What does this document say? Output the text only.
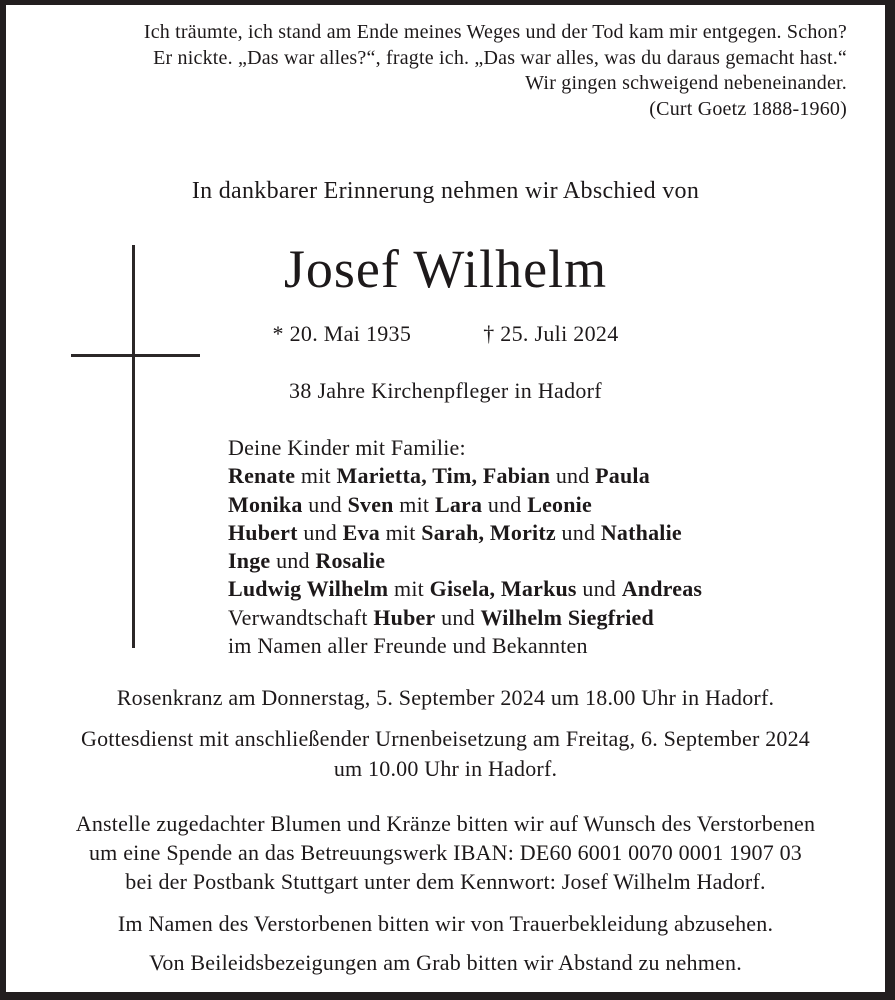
Ich träumte, ich stand am Ende meines Weges und der Tod kam mir entgegen. Schon?
Er nickte. „Das war alles?“, fragte ich. „Das war alles, was du daraus gemacht hast.“
Wir gingen schweigend nebeneinander.
(Curt Goetz 1888-1960)
In dankbarer Erinnerung nehmen wir Abschied von
Josef Wilhelm
* 20. Mai 1935	† 25. Juli 2024
38 Jahre Kirchenpfleger in Hadorf
Deine Kinder mit Familie:
Renate mit Marietta, Tim, Fabian und Paula
Monika und Sven mit Lara und Leonie
Hubert und Eva mit Sarah, Moritz und Nathalie
Inge und Rosalie
Ludwig Wilhelm mit Gisela, Markus und Andreas
Verwandtschaft Huber und Wilhelm Siegfried
im Namen aller Freunde und Bekannten
Rosenkranz am Donnerstag, 5. September 2024 um 18.00 Uhr in Hadorf.
Gottesdienst mit anschließender Urnenbeisetzung am Freitag, 6. September 2024
um 10.00 Uhr in Hadorf.
Anstelle zugedachter Blumen und Kränze bitten wir auf Wunsch des Verstorbenen
um eine Spende an das Betreuungswerk IBAN: DE60 6001 0070 0001 1907 03
bei der Postbank Stuttgart unter dem Kennwort: Josef Wilhelm Hadorf.
Im Namen des Verstorbenen bitten wir von Trauerbekleidung abzusehen.
Von Beileidsbezeigungen am Grab bitten wir Abstand zu nehmen.
